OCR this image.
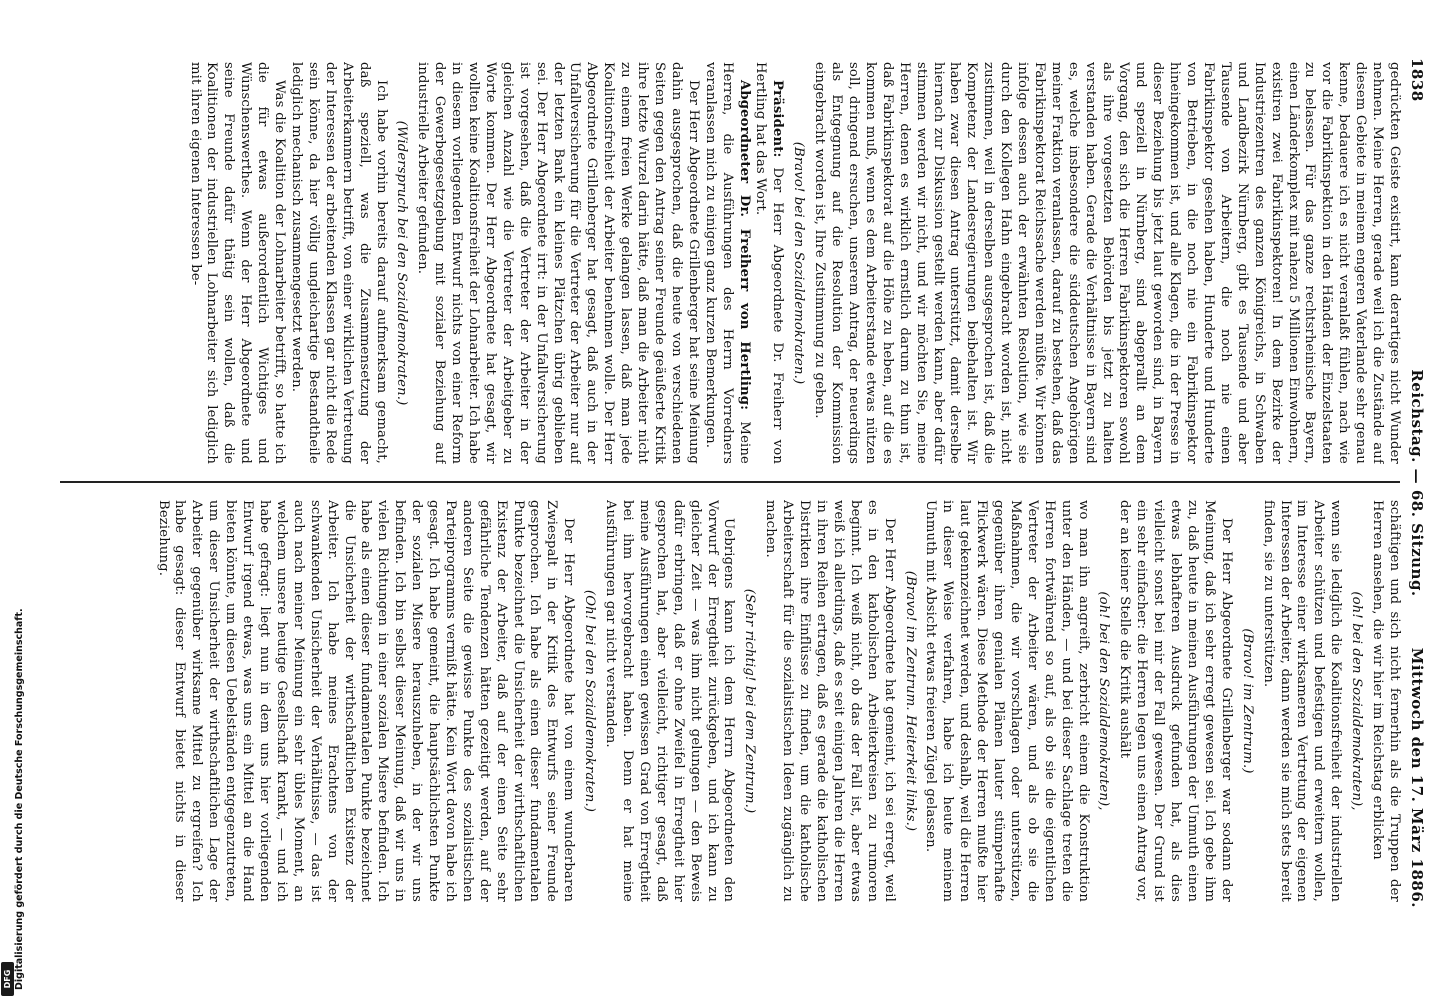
1838
Reichstag. — 68. Sitzung.
Mittwoch den 17. März 1886.

gedrückten Geiste existirt, kann derartiges nicht Wunder nehmen. Meine Herren, gerade weil ich die Zustände auf diesem Gebiete in meinem engeren Vaterlande sehr genau kenne, bedauere ich es nicht veranlaßt fühlen, nach wie vor die Fabrikinspektion in den Händen der Einzelstaaten zu belassen. Für das ganze rechtsrheinische Bayern, einen Länderkomplex mit nahezu 5 Millionen Einwohnern, existiren zwei Fabrikinspektoren! In dem Bezirke der Industriezentren des ganzen Königreichs, in Schwaben und Landbezirk Nürnberg, gibt es Tausende und aber Tausende von Arbeitern, die noch nie einen Fabrikinspektor gesehen haben, Hunderte und Hunderte von Betrieben, in die noch nie ein Fabrikinspektor hineingekommen ist, und alle Klagen, die in der Presse in dieser Beziehung bis jetzt laut geworden sind, in Bayern und speziell in Nürnberg, sind abgeprallt an dem Vorgang, den sich die Herren Fabrikinspektoren sowohl als ihre vorgesetzten Behörden bis jetzt zu halten verstanden haben. Gerade die Verhältnisse in Bayern sind es, welche insbesondere die süddeutschen Angehörigen meiner Fraktion veranlassen, darauf zu bestehen, daß das Fabrikinspektorat Reichssache werden müßte. Wir können infolge dessen auch der erwähnten Resolution, wie sie durch den Kollegen Hahn eingebracht worden ist, nicht zustimmen, weil in derselben ausgesprochen ist, daß die Kompetenz der Landesregierungen beibehalten ist. Wir haben zwar diesen Antrag unterstützt, damit derselbe hiernach zur Diskussion gestellt werden kann, aber dafür stimmen werden wir nicht, und wir möchten Sie, meine Herren, denen es wirklich ernstlich darum zu thun ist, daß Fabrikinspektorat auf die Höhe zu heben, auf die es kommen muß, wenn es dem Arbeiterstande etwas nützen soll, dringend ersuchen, unserem Antrag, der neuerdings als Entgegnung auf die Resolution der Kommission eingebracht worden ist, Ihre Zustimmung zu geben.

(Bravo! bei den Sozialdemokraten.)

Präsident: Der Herr Abgeordnete Dr. Freiherr von Hertling hat das Wort.

Abgeordneter Dr. Freiherr von Hertling: Meine Herren, die Ausführungen des Herrn Vorredners veranlassen mich zu einigen ganz kurzen Bemerkungen.

Der Herr Abgeordnete Grillenberger hat seine Meinung dahin ausgesprochen, daß die heute von verschiedenen Seiten gegen den Antrag seiner Freunde geäußerte Kritik ihre letzte Wurzel darin hätte, daß man die Arbeiter nicht zu einem freien Werke gelangen lassen, daß man jede Koalitionsfreiheit der Arbeiter benehmen wolle. Der Herr Abgeordnete Grillenberger hat gesagt, daß auch in der Unfallversicherung für die Vertreter der Arbeiter nur auf der letzten Bank ein kleines Plätzchen übrig geblieben sei. Der Herr Abgeordnete irrt: in der Unfallversicherung ist vorgesehen, daß die Vertreter der Arbeiter in der gleichen Anzahl wie die Vertreter der Arbeitgeber zu Worte kommen. Der Herr Abgeordnete hat gesagt, wir wollten keine Koalitionsfreiheit der Lohnarbeiter. Ich habe in diesem vorliegenden Entwurf nichts von einer Reform der Gewerbegesetzgebung mit sozialer Beziehung auf industrielle Arbeiter gefunden.

(Widerspruch bei den Sozialdemokraten.)

Ich habe vorhin bereits darauf aufmerksam gemacht, daß speziell, was die Zusammensetzung der Arbeiterkammern betrifft, von einer wirklichen Vertretung der Interessen der arbeitenden Klassen gar nicht die Rede sein könne, da hier völlig ungleichartige Bestandtheile lediglich mechanisch zusammengesetzt werden.

Was die Koalition der Lohnarbeiter betrifft, so hatte ich die für etwas außerordentlich Wichtiges und Wünschenswerthes. Wenn der Herr Abgeordnete und seine Freunde dafür thätig sein wollen, daß die Koalitionen der industriellen Lohnarbeiter sich lediglich mit ihren eigenen Interessen be-

schäftigen und sich nicht fernerhin als die Truppen der Herren ansehen, die wir hier im Reichstag erblicken

(oh! bei den Sozialdemokraten),

wenn sie lediglich die Koalitionsfreiheit der industriellen Arbeiter schützen und befestigen und erweitern wollen, im Interesse einer wirksameren Vertretung der eigenen Interessen der Arbeiter, dann werden sie mich stets bereit finden, sie zu unterstützen.

(Bravo! im Zentrum.)

Der Herr Abgeordnete Grillenberger war sodann der Meinung, daß ich sehr erregt gewesen sei. Ich gebe ihm zu, daß heute in meinen Ausführungen der Unmuth einen etwas lebhafteren Ausdruck gefunden hat, als dies vielleicht sonst bei mir der Fall gewesen. Der Grund ist ein sehr einfacher: die Herren legen uns einen Antrag vor, der an keiner Stelle die Kritik aushält

(oh! bei den Sozialdemokraten),

wo man ihn angreift, zerbricht einem die Konstruktion unter den Händen, — und bei dieser Sachlage treten die Herren fortwährend so auf, als ob sie die eigentlichen Vertreter der Arbeiter wären, und als ob sie die Maßnahmen, die wir vorschlagen oder unterstützen, gegenüber ihren genialen Plänen lauter stümperhafte Flickwerk wären. Diese Methode der Herren mußte hier laut gekennzeichnet werden, und deshalb, weil die Herren in dieser Weise verfahren, habe ich heute meinem Unmuth mit Absicht etwas freieren Zügel gelassen.

(Bravo! im Zentrum. Heiterkeit links.)

Der Herr Abgeordnete hat gemeint, ich sei erregt, weil es in den katholischen Arbeiterkreisen zu rumoren beginnt. Ich weiß nicht, ob das der Fall ist, aber etwas weiß ich allerdings, daß es seit einigen Jahren die Herren in ihren Reihen ertragen, daß es gerade die katholischen Distrikten ihre Einflüsse zu finden, um die katholische Arbeiterschaft für die sozialistischen Ideen zugänglich zu machen.

(Sehr richtig! bei dem Zentrum.)

Uebrigens kann ich dem Herrn Abgeordneten den Vorwurf der Erregtheit zurückgeben, und ich kann zu gleicher Zeit — was ihm nicht gelungen — den Beweis dafür erbringen, daß er ohne Zweifel in Erregtheit hier gesprochen hat, aber vielleicht, richtiger gesagt, daß meine Ausführungen einen gewissen Grad von Erregtheit bei ihm hervorgebracht haben. Denn er hat meine Ausführungen gar nicht verstanden.

(Oh! bei den Sozialdemokraten.)

Der Herr Abgeordnete hat von einem wunderbaren Zwiespalt in der Kritik des Entwurfs seiner Freunde gesprochen. Ich habe als einen dieser fundamentalen Punkte bezeichnet die Unsicherheit der wirthschaftlichen Existenz der Arbeiter, daß auf der einen Seite sehr gefährliche Tendenzen hätten gezeitigt werden, auf der anderen Seite die gewisse Punkte des sozialistischen Parteiprogramms vermißt hätte. Kein Wort davon habe ich gesagt. Ich habe gemeint, die hauptsächlichsten Punkte der sozialen Misere herauszuheben, in der wir uns befinden. Ich bin selbst dieser Meinung, daß wir uns in vielen Richtungen in einer sozialen Misere befinden. Ich habe als einen dieser fundamentalen Punkte bezeichnet die Unsicherheit der wirthschaftlichen Existenz der Arbeiter. Ich habe meines Erachtens von der schwankenden Unsicherheit der Verhältnisse, — das ist auch nach meiner Meinung ein sehr übles Moment, an welchem unsere heutige Gesellschaft krankt, — und ich habe gefragt: liegt nun in dem uns hier vorliegenden Entwurf irgend etwas, was uns ein Mittel an die Hand bieten könnte, um diesen Uebelständen entgegenzutreten, um dieser Unsicherheit der wirthschaftlichen Lage der Arbeiter gegenüber wirksame Mittel zu ergreifen? Ich habe gesagt: dieser Entwurf bietet nichts in dieser Beziehung.

Digitalisierung gefördert durch die Deutsche Forschungsgemeinschaft.
DFG
